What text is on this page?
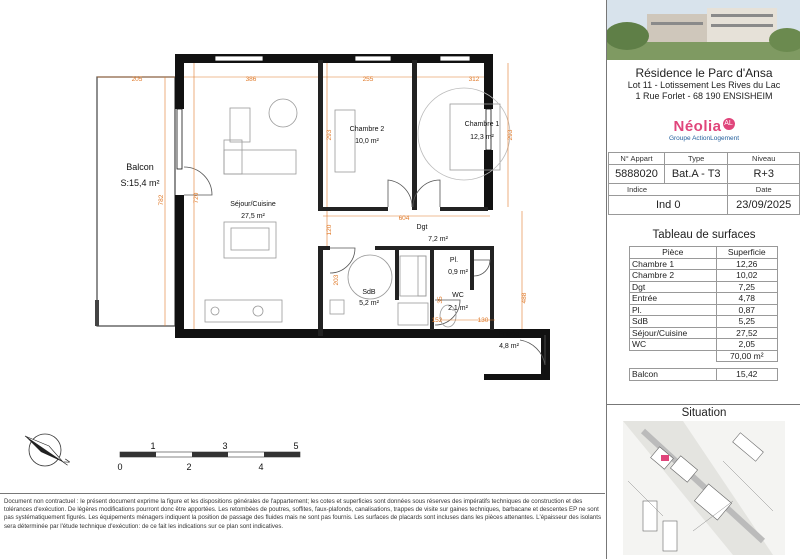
Balcon
S:15,4 m²
Séjour/Cuisine
27,5 m²
Chambre 2
10,0 m²
Chambre 1
12,3 m²
Dgt
7,2 m²
Pl.
0,9 m²
SdB
5,2 m²
WC
2,1 m²
Entrée
4,8 m²
205	386	255	312
604
152	130
782	720
293	293
120
488
203
35
N
1	3	5
0	2	4
Résidence le Parc d'Ansa
Lot 11 - Lotissement Les Rives du Lac
1 Rue Forlet - 68 190 ENSISHEIM
Néolia AL
Groupe ActionLogement
N° Appart	Type	Niveau
5888020	Bat.A - T3	R+3
Indice		Date
Ind 0		23/09/2025
Tableau de surfaces
Pièce	Superficie
Chambre 1	12,26
Chambre 2	10,02
Dgt	7,25
Entrée	4,78
Pl.	0,87
SdB	5,25
Séjour/Cuisine	27,52
WC	2,05
	70,00 m²

Balcon	15,42
Situation
Document non contractuel : le présent document exprime la figure et les dispositions générales de l'appartement; les cotes et superficies sont données sous réserves des impératifs techniques de construction et des tolérances d'exécution. De légères modifications pourront donc être apportées. Les retombées de poutres, soffites, faux-plafonds, canalisations, trappes de visite sur gaines techniques, barbacane et descentes EP ne sont pas systématiquement figurés. Les équipements ménagers indiquent la position de passage des fluides mais ne sont pas fournis. Les surfaces de placards sont incluses dans les pièces attenantes. L'épaisseur des isolants sera déterminée par l'étude technique d'exécution: de ce fait les indications sur ce plan sont indicatives.
